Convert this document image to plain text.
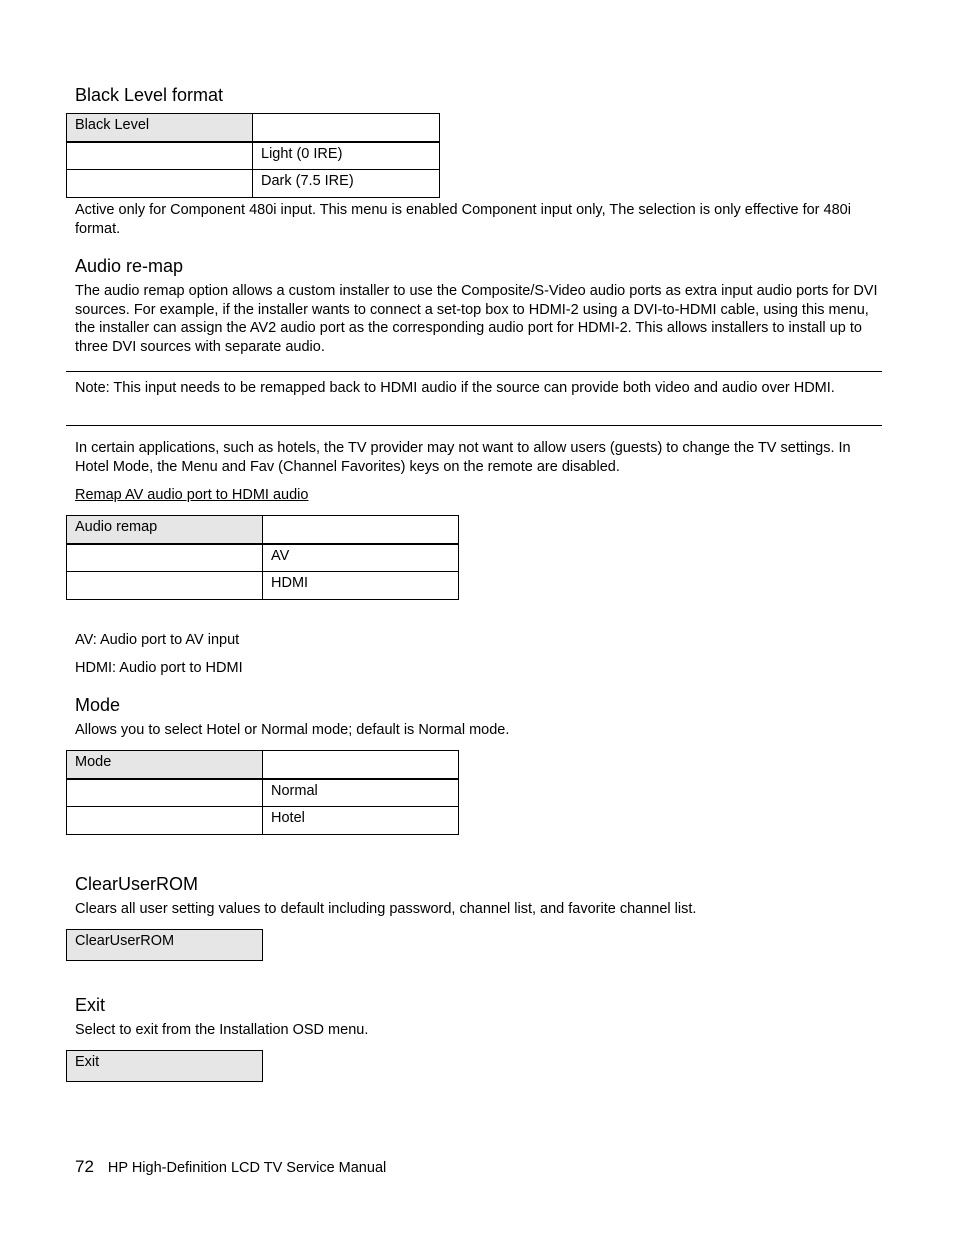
Black Level format
Black Level	
	Light (0 IRE)
	Dark (7.5 IRE)

Active only for Component 480i input. This menu is enabled Component input only, The selection is only effective for 480i format.

Audio re-map

The audio remap option allows a custom installer to use the Composite/S-Video audio ports as extra input audio ports for DVI sources. For example, if the installer wants to connect a set-top box to HDMI-2 using a DVI-to-HDMI cable, using this menu, the installer can assign the AV2 audio port as the corresponding audio port for HDMI-2. This allows installers to install up to three DVI sources with separate audio.

Note: This input needs to be remapped back to HDMI audio if the source can provide both video and audio over HDMI.

In certain applications, such as hotels, the TV provider may not want to allow users (guests) to change the TV settings. In Hotel Mode, the Menu and Fav (Channel Favorites) keys on the remote are disabled.

Remap AV audio port to HDMI audio

Audio remap	
	AV
	HDMI

AV: Audio port to AV input

HDMI: Audio port to HDMI

Mode

Allows you to select Hotel or Normal mode; default is Normal mode.

Mode	
	Normal
	Hotel
ClearUserROM

Clears all user setting values to default including password, channel list, and favorite channel list.

ClearUserROM
Exit

Select to exit from the Installation OSD menu.

Exit
72 HP High-Definition LCD TV Service Manual
